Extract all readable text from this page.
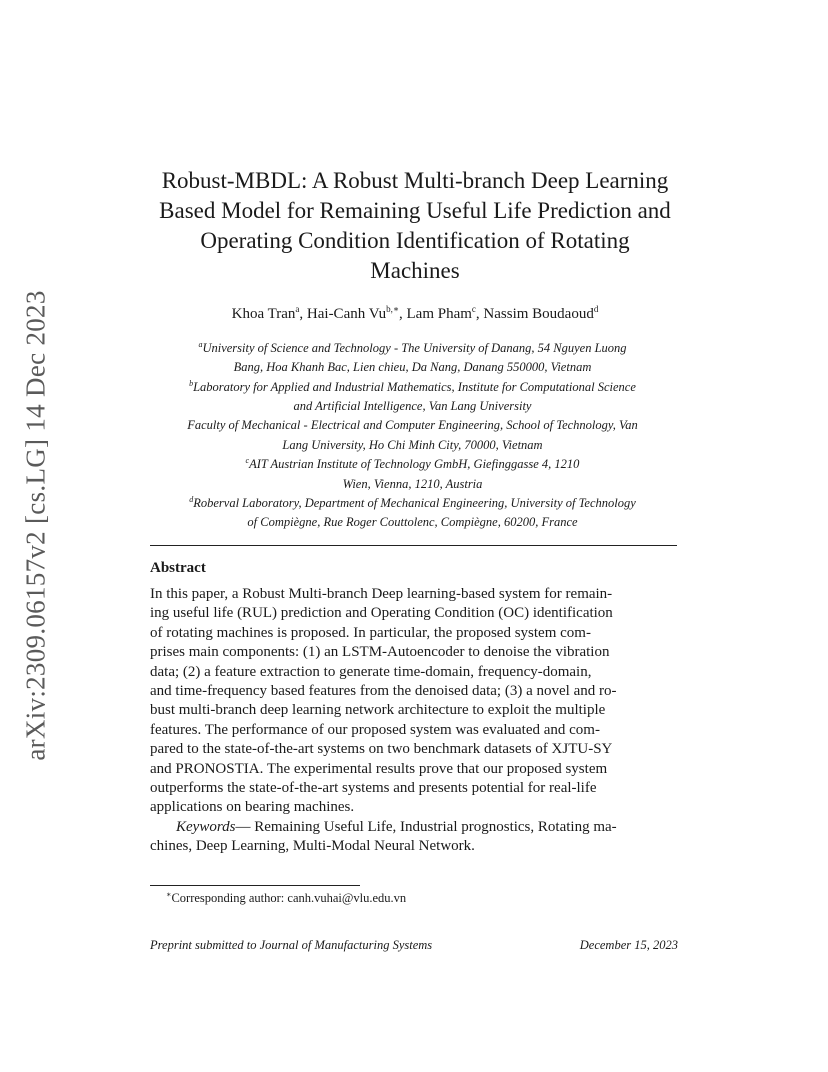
arXiv:2309.06157v2 [cs.LG] 14 Dec 2023
Robust-MBDL: A Robust Multi-branch Deep Learning
Based Model for Remaining Useful Life Prediction and
Operating Condition Identification of Rotating
Machines
Khoa Tran$^a$, Hai-Canh $Vu^{b,∗}$, Lam Pham$^c$, Nassim Boudaoud$^d$
$^a$University of Science and Technology - The University of Danang, 54 Nguyen Luong
Bang, Hoa Khanh Bac, Lien chieu, Da Nang, Danang 550000, Vietnam
$^b$Laboratory for Applied and Industrial Mathematics, Institute for Computational Science
and Artificial Intelligence, Van Lang University
Faculty of Mechanical - Electrical and Computer Engineering, School of Technology, Van
Lang University, Ho Chi Minh City, 70000, Vietnam
$^c$AIT Austrian Institute of Technology GmbH, Giefinggasse 4, 1210
Wien, Vienna, 1210, Austria
$^d$Roberval Laboratory, Department of Mechanical Engineering, University of Technology
of Compiègne, Rue Roger Couttolenc, Compiègne, 60200, France
Abstract
In this paper, a Robust Multi-branch Deep learning-based system for remain-
ing useful life (RUL) prediction and Operating Condition (OC) identification
of rotating machines is proposed. In particular, the proposed system com-
prises main components: (1) an LSTM-Autoencoder to denoise the vibration
data; (2) a feature extraction to generate time-domain, frequency-domain,
and time-frequency based features from the denoised data; (3) a novel and ro-
bust multi-branch deep learning network architecture to exploit the multiple
features. The performance of our proposed system was evaluated and com-
pared to the state-of-the-art systems on two benchmark datasets of XJTU-SY
and PRONOSTIA. The experimental results prove that our proposed system
outperforms the state-of-the-art systems and presents potential for real-life
applications on bearing machines.
Keywords— Remaining Useful Life, Industrial prognostics, Rotating ma-
chines, Deep Learning, Multi-Modal Neural Network.
∗Corresponding author: canh.vuhai@vlu.edu.vn
Preprint submitted to Journal of Manufacturing Systems	December 15, 2023
